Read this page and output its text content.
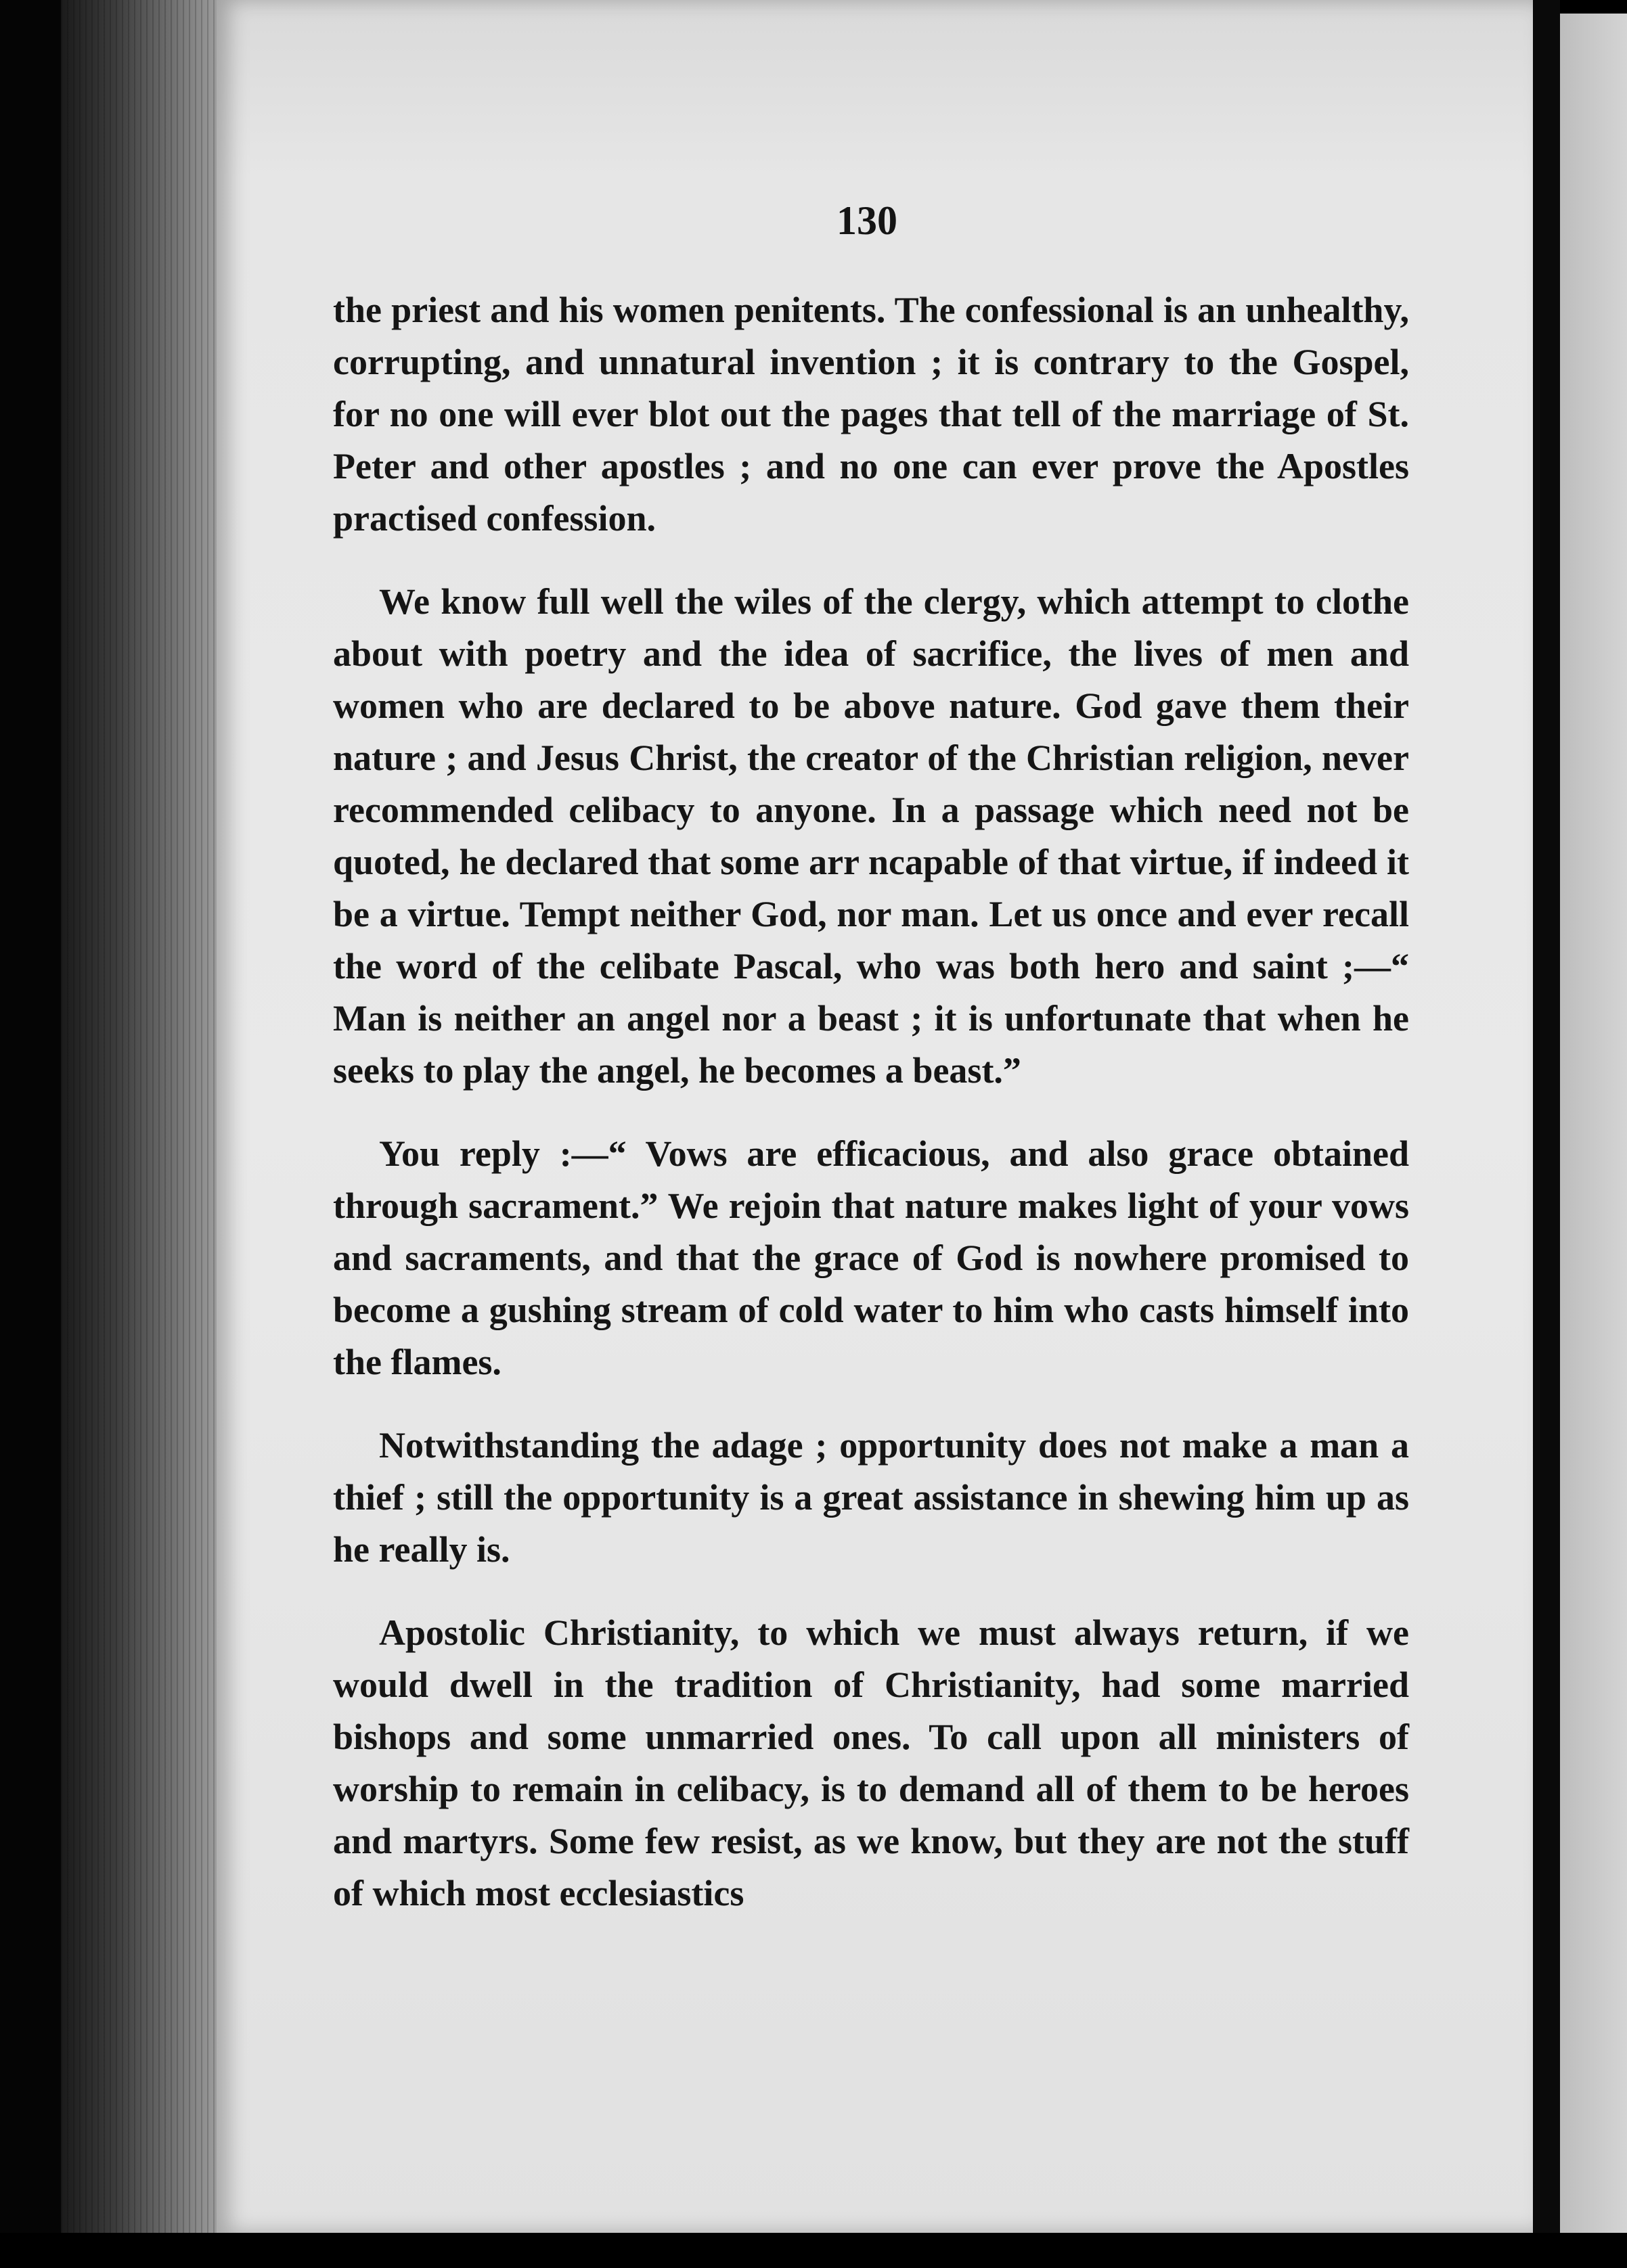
130

the priest and his women penitents. The confessional is an unhealthy, corrupting, and unnatural invention ; it is contrary to the Gospel, for no one will ever blot out the pages that tell of the marriage of St. Peter and other apostles ; and no one can ever prove the Apostles practised confession.

We know full well the wiles of the clergy, which attempt to clothe about with poetry and the idea of sacrifice, the lives of men and women who are declared to be above nature. God gave them their nature ; and Jesus Christ, the creator of the Christian religion, never recommended celibacy to anyone. In a passage which need not be quoted, he declared that some arr ncapable of that virtue, if indeed it be a virtue. Tempt neither God, nor man. Let us once and ever recall the word of the celibate Pascal, who was both hero and saint ;—“ Man is neither an angel nor a beast ; it is unfortunate that when he seeks to play the angel, he becomes a beast.”

You reply :—“ Vows are efficacious, and also grace obtained through sacrament.” We rejoin that nature makes light of your vows and sacraments, and that the grace of God is nowhere promised to become a gushing stream of cold water to him who casts himself into the flames.

Notwithstanding the adage ; opportunity does not make a man a thief ; still the opportunity is a great assistance in shewing him up as he really is.

Apostolic Christianity, to which we must always return, if we would dwell in the tradition of Christianity, had some married bishops and some unmarried ones. To call upon all ministers of worship to remain in celibacy, is to demand all of them to be heroes and martyrs. Some few resist, as we know, but they are not the stuff of which most ecclesiastics
